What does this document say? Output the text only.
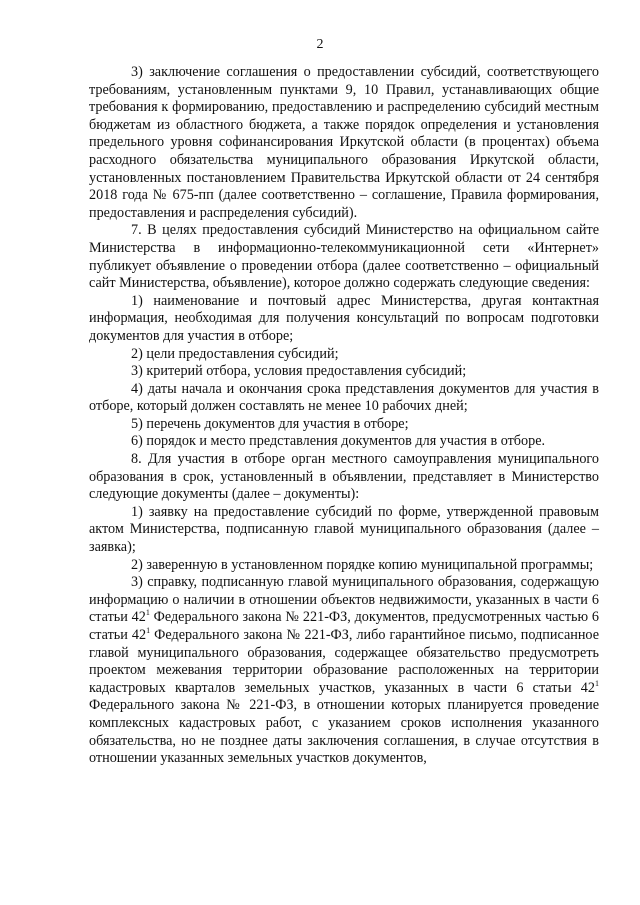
2

3) заключение соглашения о предоставлении субсидий, соответствующего требованиям, установленным пунктами 9, 10 Правил, устанавливающих общие требования к формированию, предоставлению и распределению субсидий местным бюджетам из областного бюджета, а также порядок определения и установления предельного уровня софинансирования Иркутской области (в процентах) объема расходного обязательства муниципального образования Иркутской области, установленных постановлением Правительства Иркутской области от 24 сентября 2018 года № 675-пп (далее соответственно – соглашение, Правила формирования, предоставления и распределения субсидий).

7. В целях предоставления субсидий Министерство на официальном сайте Министерства в информационно-телекоммуникационной сети «Интернет» публикует объявление о проведении отбора (далее соответственно – официальный сайт Министерства, объявление), которое должно содержать следующие сведения:

1) наименование и почтовый адрес Министерства, другая контактная информация, необходимая для получения консультаций по вопросам подготовки документов для участия в отборе;

2) цели предоставления субсидий;

3) критерий отбора, условия предоставления субсидий;

4) даты начала и окончания срока представления документов для участия в отборе, который должен составлять не менее 10 рабочих дней;

5) перечень документов для участия в отборе;

6) порядок и место представления документов для участия в отборе.

8. Для участия в отборе орган местного самоуправления муниципального образования в срок, установленный в объявлении, представляет в Министерство следующие документы (далее – документы):

1) заявку на предоставление субсидий по форме, утвержденной правовым актом Министерства, подписанную главой муниципального образования (далее – заявка);

2) заверенную в установленном порядке копию муниципальной программы;

3) справку, подписанную главой муниципального образования, содержащую информацию о наличии в отношении объектов недвижимости, указанных в части 6 статьи $42^1$ Федерального закона № 221-ФЗ, документов, предусмотренных частью 6 статьи $42^1$ Федерального закона № 221-ФЗ, либо гарантийное письмо, подписанное главой муниципального образования, содержащее обязательство предусмотреть проектом межевания территории образование расположенных на территории кадастровых кварталов земельных участков, указанных в части 6 статьи $42^1$ Федерального закона № 221-ФЗ, в отношении которых планируется проведение комплексных кадастровых работ, с указанием сроков исполнения указанного обязательства, но не позднее даты заключения соглашения, в случае отсутствия в отношении указанных земельных участков документов,
